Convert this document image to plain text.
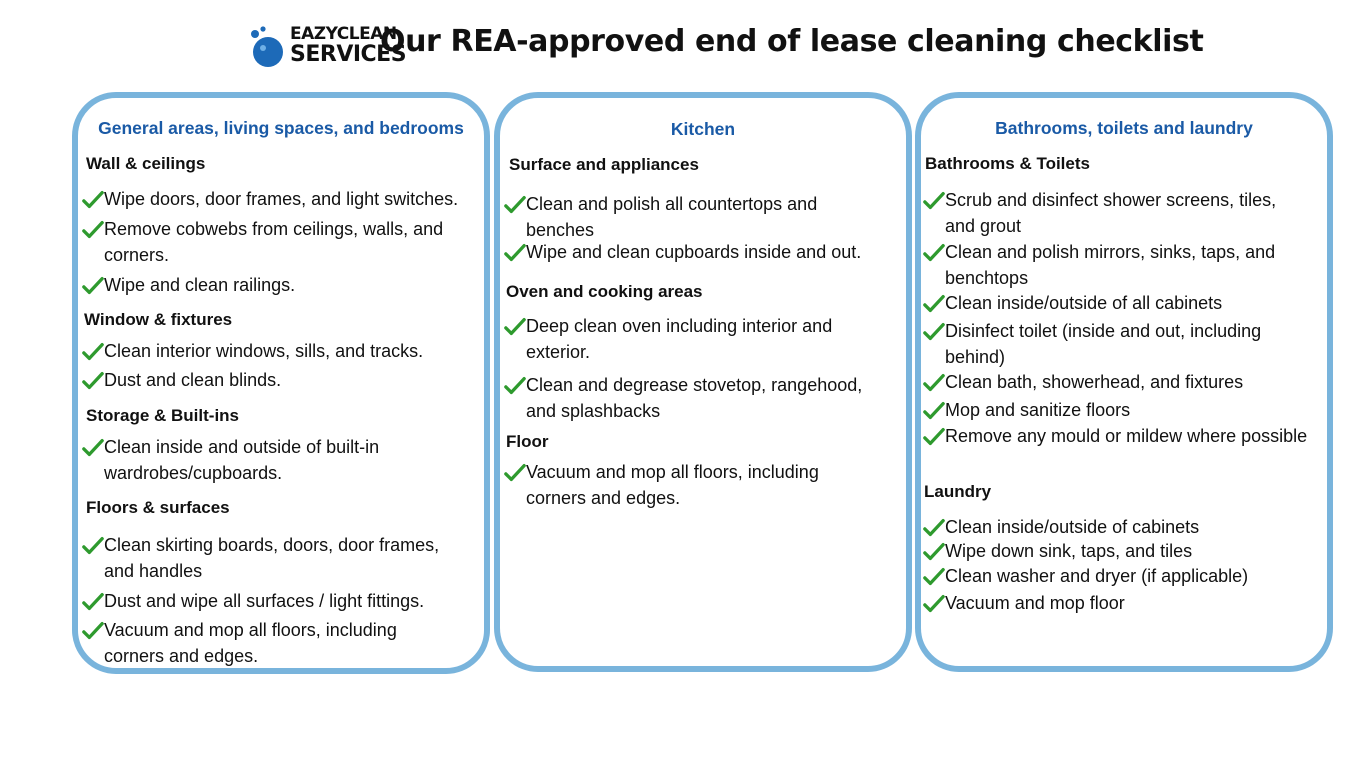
EAZYCLEAN
SERVICES
Our REA-approved end of lease cleaning checklist
General areas, living spaces, and bedrooms
Wall & ceilings
Wipe doors, door frames, and light switches.
Remove cobwebs from ceilings, walls, and corners.
Wipe and clean railings.
Window & fixtures
Clean interior windows, sills, and tracks.
Dust and clean blinds.
Storage & Built-ins
Clean inside and outside of built-in wardrobes/cupboards.
Floors & surfaces
Clean skirting boards, doors, door frames, and handles
Dust and wipe all surfaces / light fittings.
Vacuum and mop all floors, including corners and edges.
Kitchen
Surface and appliances
Clean and polish all countertops and benches
Wipe and clean cupboards inside and out.
Oven and cooking areas
Deep clean oven including interior and exterior.
Clean and degrease stovetop, rangehood, and splashbacks
Floor
Vacuum and mop all floors, including corners and edges.
Bathrooms, toilets and laundry
Bathrooms & Toilets
Scrub and disinfect shower screens, tiles, and grout
Clean and polish mirrors, sinks, taps, and benchtops
Clean inside/outside of all cabinets
Disinfect toilet (inside and out, including behind)
Clean bath, showerhead, and fixtures
Mop and sanitize floors
Remove any mould or mildew where possible
Laundry
Clean inside/outside of cabinets
Wipe down sink, taps, and tiles
Clean washer and dryer (if applicable)
Vacuum and mop floor
